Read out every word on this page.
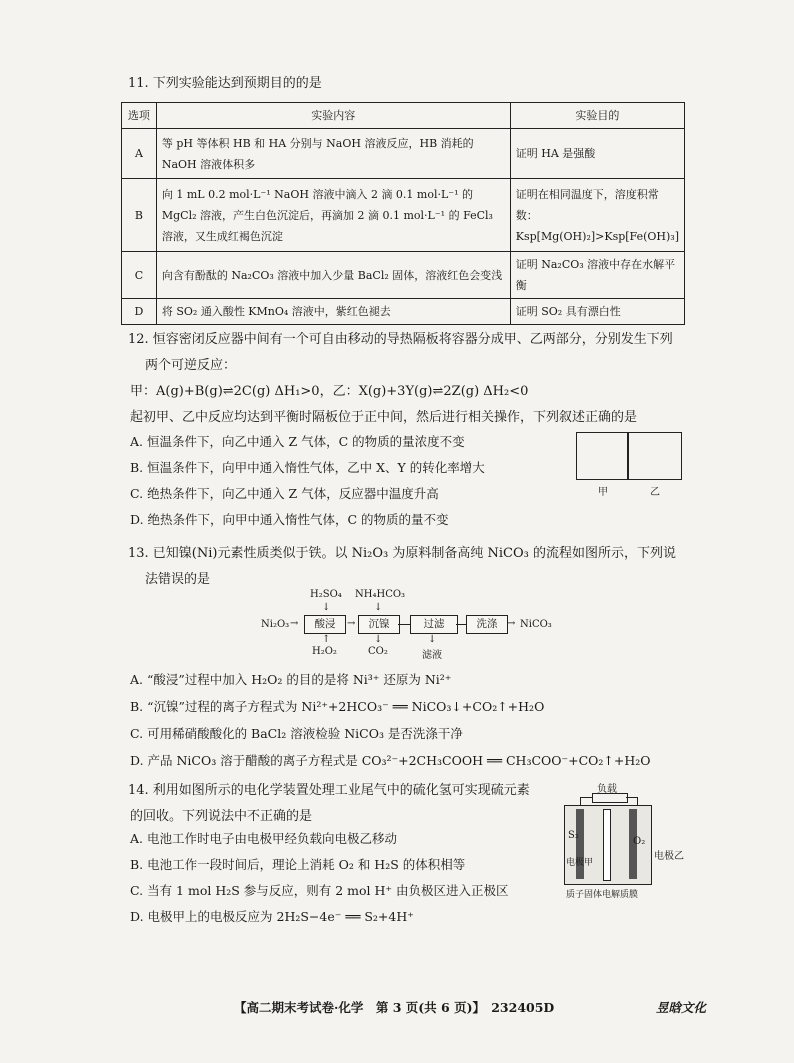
11. 下列实验能达到预期目的的是
选项	实验内容	实验目的
A	等 pH 等体积 HB 和 HA 分别与 NaOH 溶液反应，HB 消耗的 NaOH 溶液体积多	证明 HA 是强酸
B	向 1 mL 0.2 mol·L⁻¹ NaOH 溶液中滴入 2 滴 0.1 mol·L⁻¹ 的 MgCl₂ 溶液，产生白色沉淀后，再滴加 2 滴 0.1 mol·L⁻¹ 的 FeCl₃ 溶液，又生成红褐色沉淀	证明在相同温度下，溶度积常数：Ksp[Mg(OH)₂]>Ksp[Fe(OH)₃]
C	向含有酚酞的 Na₂CO₃ 溶液中加入少量 BaCl₂ 固体，溶液红色会变浅	证明 Na₂CO₃ 溶液中存在水解平衡
D	将 SO₂ 通入酸性 KMnO₄ 溶液中，紫红色褪去	证明 SO₂ 具有漂白性
12. 恒容密闭反应器中间有一个可自由移动的导热隔板将容器分成甲、乙两部分，分别发生下列
两个可逆反应：
甲：A(g)+B(g)⇌2C(g) ΔH₁>0，乙：X(g)+3Y(g)⇌2Z(g) ΔH₂<0
起初甲、乙中反应均达到平衡时隔板位于正中间，然后进行相关操作，下列叙述正确的是
A. 恒温条件下，向乙中通入 Z 气体，C 的物质的量浓度不变
B. 恒温条件下，向甲中通入惰性气体，乙中 X、Y 的转化率增大
C. 绝热条件下，向乙中通入 Z 气体，反应器中温度升高
D. 绝热条件下，向甲中通入惰性气体，C 的物质的量不变
甲	乙
13. 已知镍(Ni)元素性质类似于铁。以 Ni₂O₃ 为原料制备高纯 NiCO₃ 的流程如图所示，下列说
法错误的是
Ni₂O₃ →	酸浸	→	沉镍	过滤	洗涤 → NiCO₃
H₂SO₄
↓
NH₄HCO₃
↓
↑
H₂O₂
↓
CO₂
↓
滤液
A. “酸浸”过程中加入 H₂O₂ 的目的是将 Ni³⁺ 还原为 Ni²⁺
B. “沉镍”过程的离子方程式为 Ni²⁺+2HCO₃⁻ ══ NiCO₃↓+CO₂↑+H₂O
C. 可用稀硝酸酸化的 BaCl₂ 溶液检验 NiCO₃ 是否洗涤干净
D. 产品 NiCO₃ 溶于醋酸的离子方程式是 CO₃²⁻+2CH₃COOH ══ CH₃COO⁻+CO₂↑+H₂O
14. 利用如图所示的电化学装置处理工业尾气中的硫化氢可实现硫元素
的回收。下列说法中不正确的是
A. 电池工作时电子由电极甲经负载向电极乙移动
B. 电池工作一段时间后，理论上消耗 O₂ 和 H₂S 的体积相等
C. 当有 1 mol H₂S 参与反应，则有 2 mol H⁺ 由负极区进入正极区
D. 电极甲上的电极反应为 2H₂S−4e⁻ ══ S₂+4H⁺
负载
S₂
O₂
电极乙
电极甲
质子固体电解质膜
【高二期末考试卷·化学　第 3 页(共 6 页)】　232405D	昱晗文化
